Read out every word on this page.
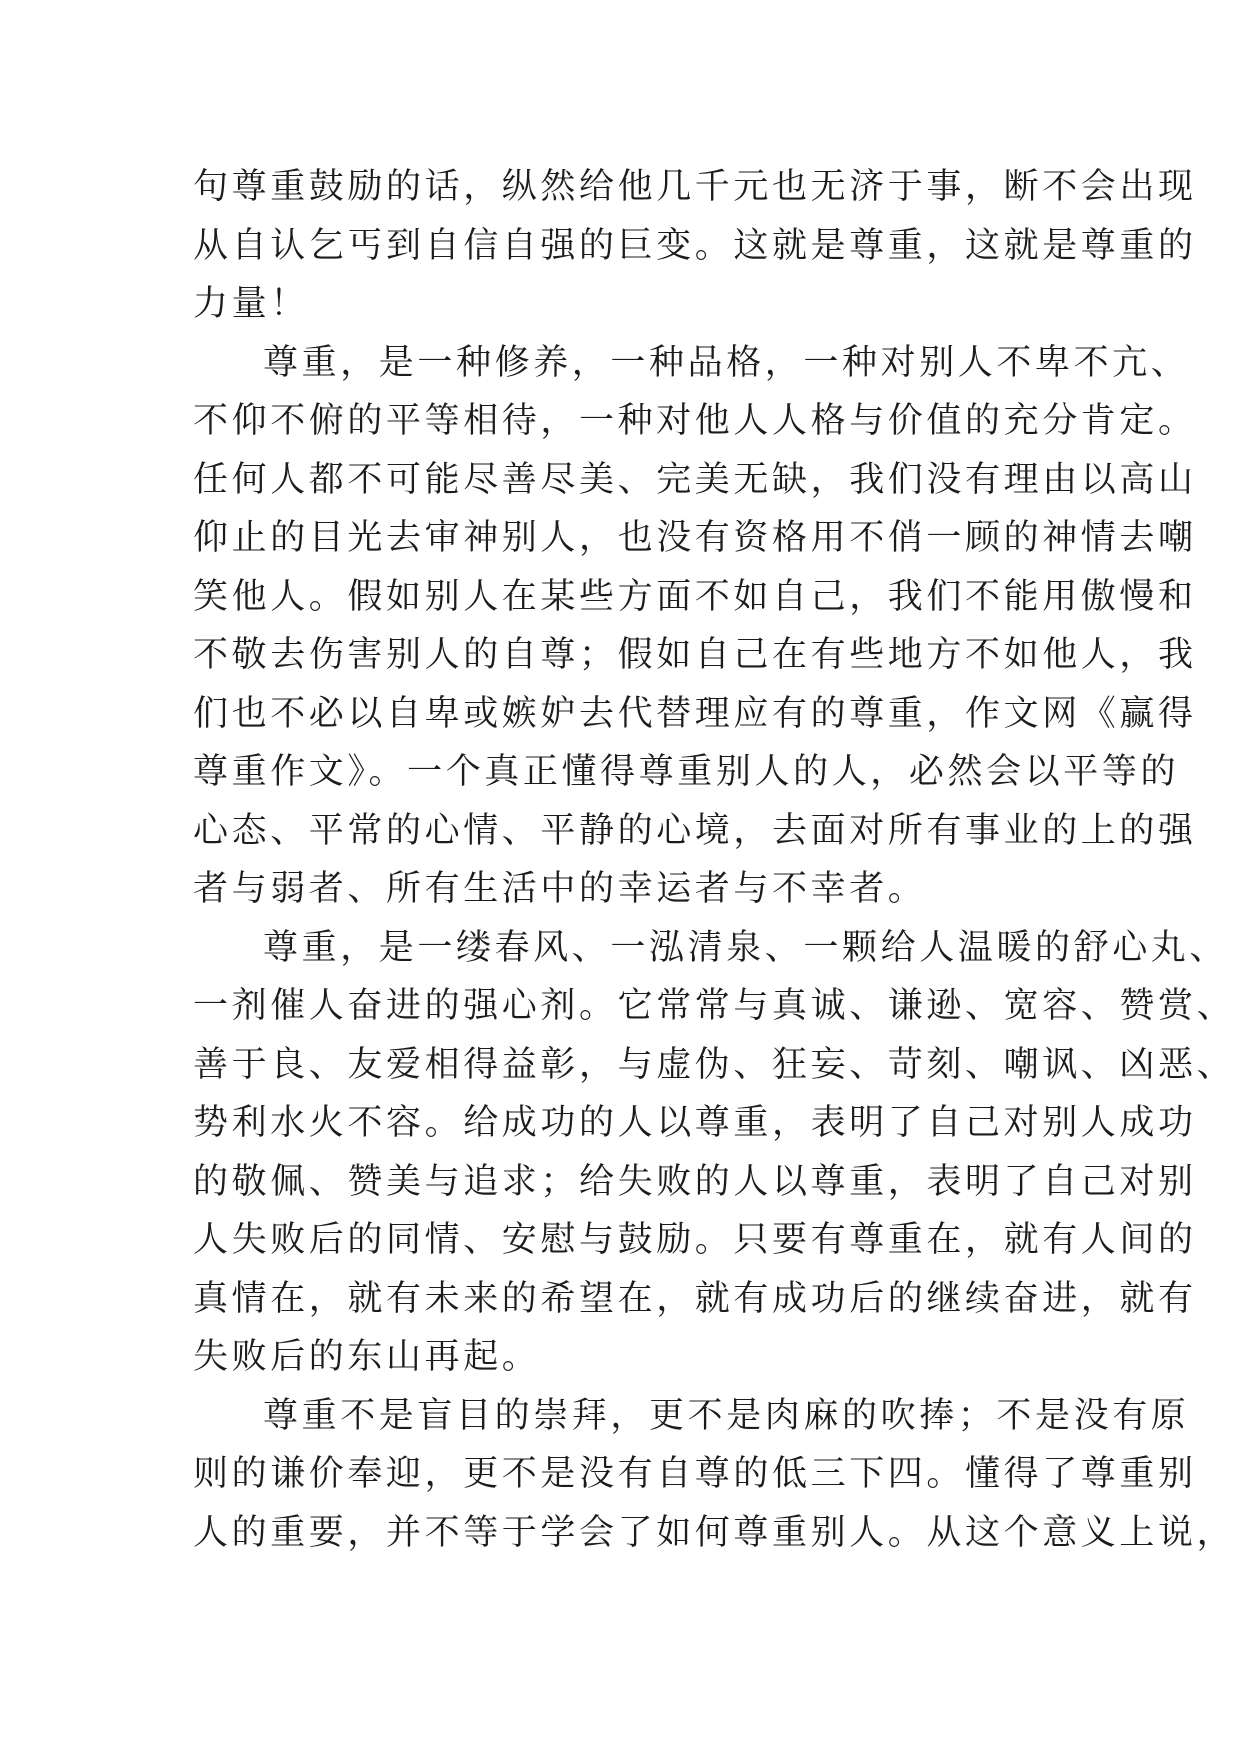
句尊重鼓励的话，纵然给他几千元也无济于事，断不会出现
从自认乞丐到自信自强的巨变。这就是尊重，这就是尊重的
力量！
尊重，是一种修养，一种品格，一种对别人不卑不亢、
不仰不俯的平等相待，一种对他人人格与价值的充分肯定。
任何人都不可能尽善尽美、完美无缺，我们没有理由以高山
仰止的目光去审神别人，也没有资格用不俏一顾的神情去嘲
笑他人。假如别人在某些方面不如自己，我们不能用傲慢和
不敬去伤害别人的自尊；假如自己在有些地方不如他人，我
们也不必以自卑或嫉妒去代替理应有的尊重，作文网《赢得
尊重作文》。一个真正懂得尊重别人的人，必然会以平等的
心态、平常的心情、平静的心境，去面对所有事业的上的强
者与弱者、所有生活中的幸运者与不幸者。
尊重，是一缕春风、一泓清泉、一颗给人温暖的舒心丸、
一剂催人奋进的强心剂。它常常与真诚、谦逊、宽容、赞赏、
善于良、友爱相得益彰，与虚伪、狂妄、苛刻、嘲讽、凶恶、
势利水火不容。给成功的人以尊重，表明了自己对别人成功
的敬佩、赞美与追求；给失败的人以尊重，表明了自己对别
人失败后的同情、安慰与鼓励。只要有尊重在，就有人间的
真情在，就有未来的希望在，就有成功后的继续奋进，就有
失败后的东山再起。
尊重不是盲目的崇拜，更不是肉麻的吹捧；不是没有原
则的谦价奉迎，更不是没有自尊的低三下四。懂得了尊重别
人的重要，并不等于学会了如何尊重别人。从这个意义上说，
